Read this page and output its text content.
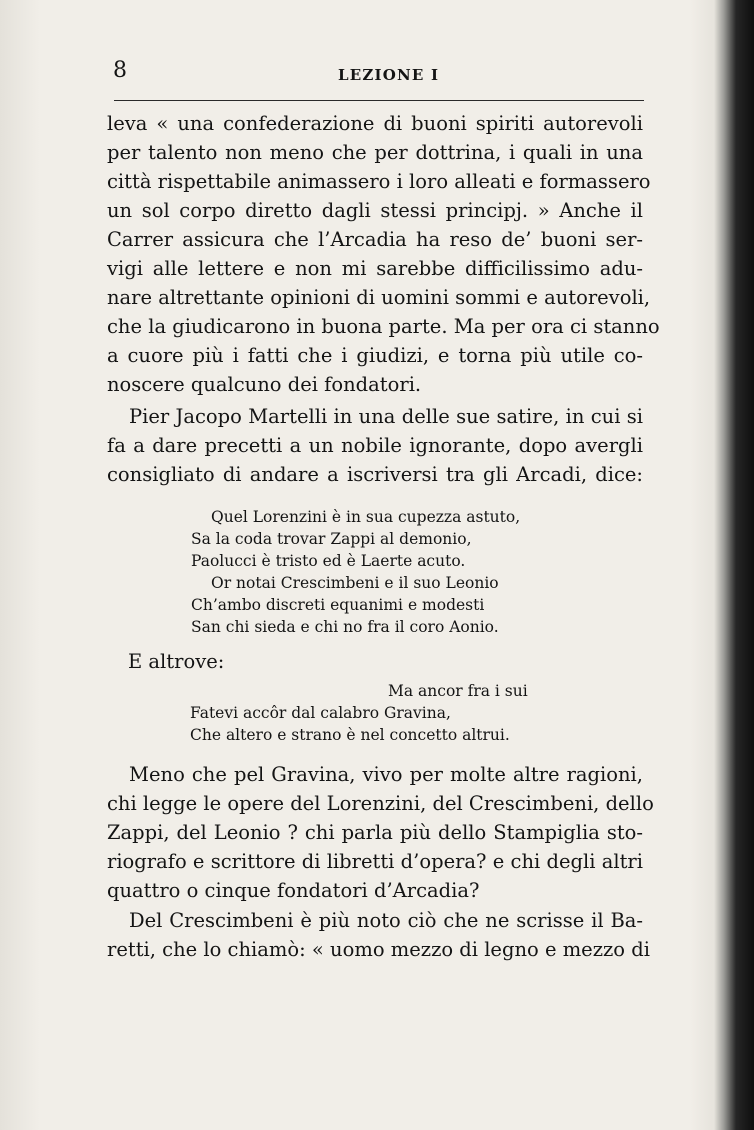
8	LEZIONE I
leva « una confederazione di buoni spiriti autorevoli
per talento non meno che per dottrina, i quali in una
città rispettabile animassero i loro alleati e formassero
un sol corpo diretto dagli stessi principj. » Anche il
Carrer assicura che l’Arcadia ha reso de’ buoni ser-
vigi alle lettere e non mi sarebbe difficilissimo adu-
nare altrettante opinioni di uomini sommi e autorevoli,
che la giudicarono in buona parte. Ma per ora ci stanno
a cuore più i fatti che i giudizi, e torna più utile co-
noscere qualcuno dei fondatori.
Pier Jacopo Martelli in una delle sue satire, in cui si
fa a dare precetti a un nobile ignorante, dopo avergli
consigliato di andare a iscriversi tra gli Arcadi, dice:
Quel Lorenzini è in sua cupezza astuto,
Sa la coda trovar Zappi al demonio,
Paolucci è tristo ed è Laerte acuto.
Or notai Crescimbeni e il suo Leonio
Ch’ambo discreti equanimi e modesti
San chi sieda e chi no fra il coro Aonio.
E altrove:
Ma ancor fra i sui
Fatevi accôr dal calabro Gravina,
Che altero e strano è nel concetto altrui.
Meno che pel Gravina, vivo per molte altre ragioni,
chi legge le opere del Lorenzini, del Crescimbeni, dello
Zappi, del Leonio ? chi parla più dello Stampiglia sto-
riografo e scrittore di libretti d’opera? e chi degli altri
quattro o cinque fondatori d’Arcadia?
Del Crescimbeni è più noto ciò che ne scrisse il Ba-
retti, che lo chiamò: « uomo mezzo di legno e mezzo di
